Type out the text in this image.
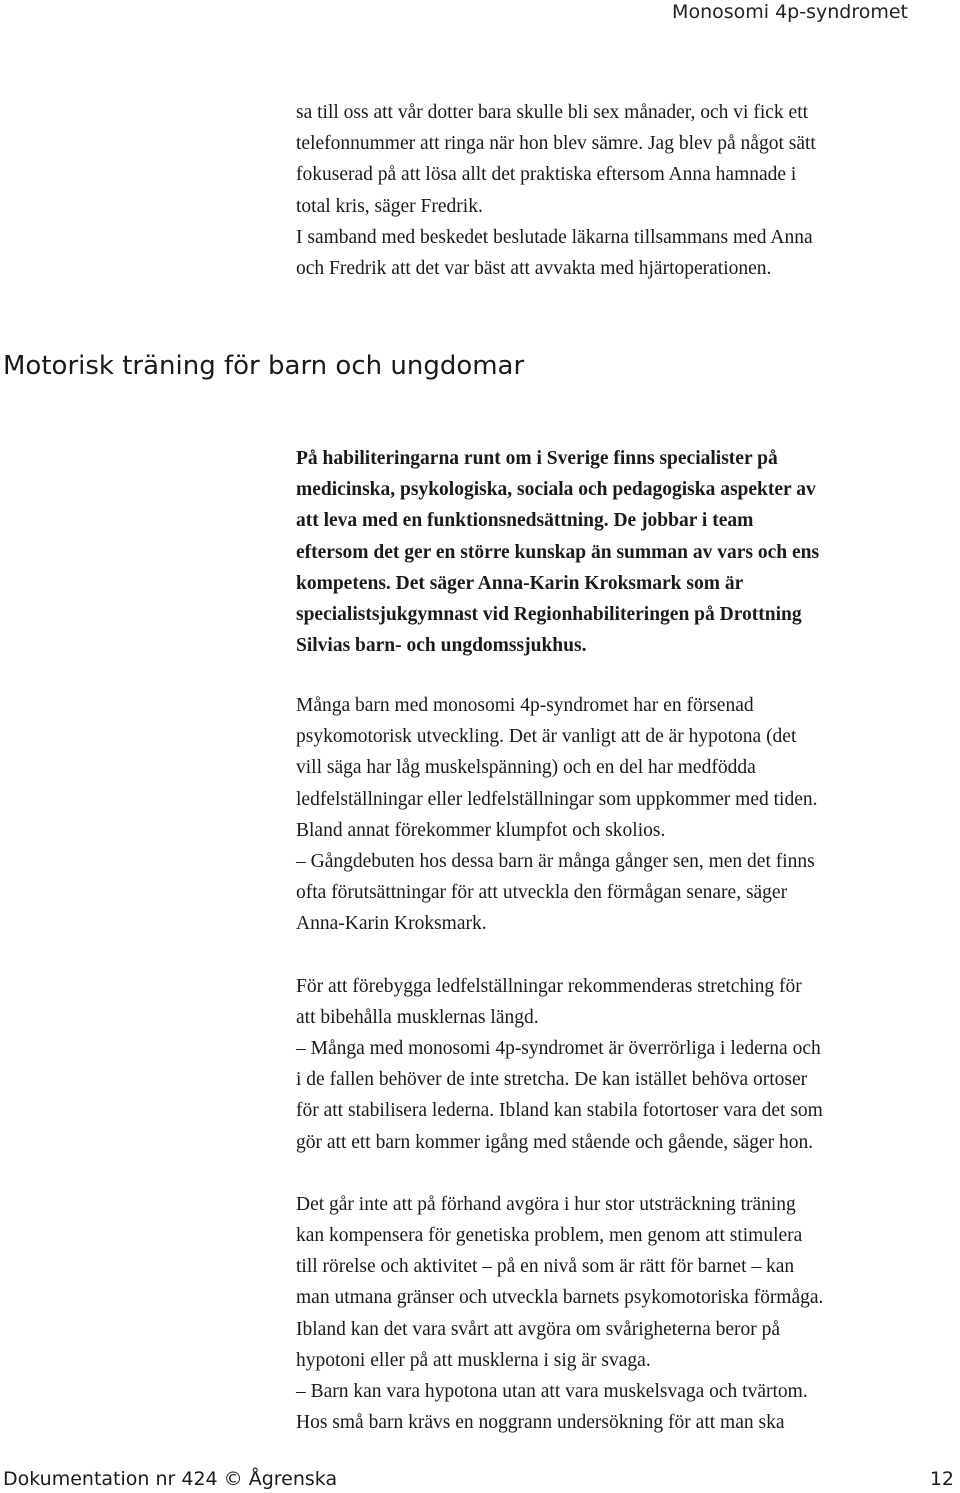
Monosomi 4p-syndromet

sa till oss att vår dotter bara skulle bli sex månader, och vi fick ett

telefonnummer att ringa när hon blev sämre. Jag blev på något sätt

fokuserad på att lösa allt det praktiska eftersom Anna hamnade i

total kris, säger Fredrik.

I samband med beskedet beslutade läkarna tillsammans med Anna

och Fredrik att det var bäst att avvakta med hjärtoperationen.

Motorisk träning för barn och ungdomar
På habiliteringarna runt om i Sverige finns specialister på
medicinska, psykologiska, sociala och pedagogiska aspekter av
att leva med en funktionsnedsättning. De jobbar i team
eftersom det ger en större kunskap än summan av vars och ens
kompetens. Det säger Anna-Karin Kroksmark som är
specialistsjukgymnast vid Regionhabiliteringen på Drottning
Silvias barn- och ungdomssjukhus.
Många barn med monosomi 4p-syndromet har en försenad
psykomotorisk utveckling. Det är vanligt att de är hypotona (det
vill säga har låg muskelspänning) och en del har medfödda
ledfelställningar eller ledfelställningar som uppkommer med tiden.
Bland annat förekommer klumpfot och skolios.
– Gångdebuten hos dessa barn är många gånger sen, men det finns
ofta förutsättningar för att utveckla den förmågan senare, säger
Anna-Karin Kroksmark.
För att förebygga ledfelställningar rekommenderas stretching för
att bibehålla musklernas längd.
– Många med monosomi 4p-syndromet är överrörliga i lederna och
i de fallen behöver de inte stretcha. De kan istället behöva ortoser
för att stabilisera lederna. Ibland kan stabila fotortoser vara det som
gör att ett barn kommer igång med stående och gående, säger hon.
Det går inte att på förhand avgöra i hur stor utsträckning träning
kan kompensera för genetiska problem, men genom att stimulera
till rörelse och aktivitet – på en nivå som är rätt för barnet – kan
man utmana gränser och utveckla barnets psykomotoriska förmåga.
Ibland kan det vara svårt att avgöra om svårigheterna beror på
hypotoni eller på att musklerna i sig är svaga.
– Barn kan vara hypotona utan att vara muskelsvaga och tvärtom.
Hos små barn krävs en noggrann undersökning för att man ska
Dokumentation nr 424 © Ågrenska	12
